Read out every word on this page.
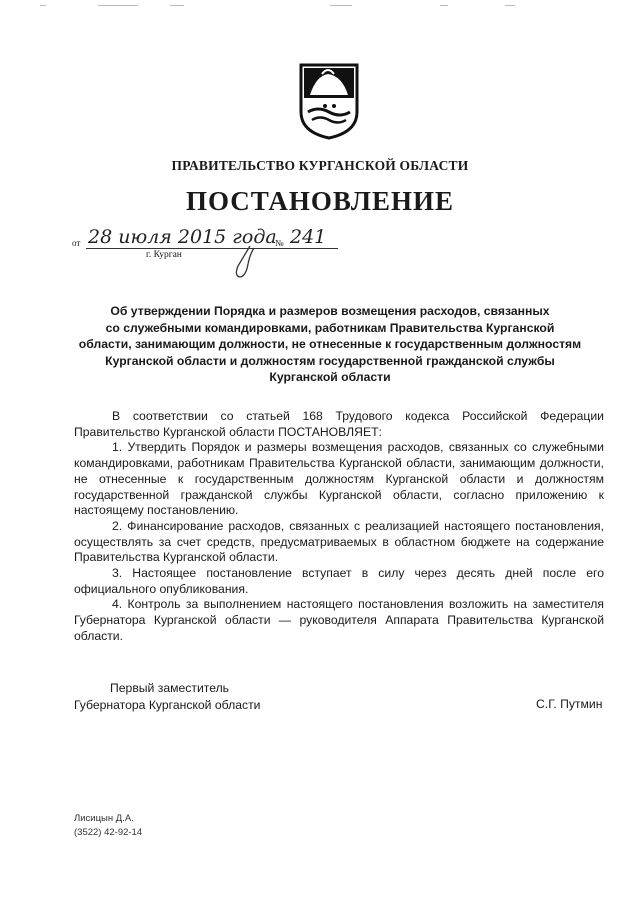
ПРАВИТЕЛЬСТВО КУРГАНСКОЙ ОБЛАСТИ
ПОСТАНОВЛЕНИЕ
от 28 июля 2015 года
№ 241
г. Курган
Об утверждении Порядка и размеров возмещения расходов, связанных
со служебными командировками, работникам Правительства Курганской
области, занимающим должности, не отнесенные к государственным должностям
Курганской области и должностям государственной гражданской службы
Курганской области

В соответствии со статьей 168 Трудового кодекса Российской Федерации Правительство Курганской области ПОСТАНОВЛЯЕТ:

1. Утвердить Порядок и размеры возмещения расходов, связанных со служебными командировками, работникам Правительства Курганской области, занимающим должности, не отнесенные к государственным должностям Курганской области и должностям государственной гражданской службы Курганской области, согласно приложению к настоящему постановлению.

2. Финансирование расходов, связанных с реализацией настоящего постановления, осуществлять за счет средств, предусматриваемых в областном бюджете на содержание Правительства Курганской области.

3. Настоящее постановление вступает в силу через десять дней после его официального опубликования.

4. Контроль за выполнением настоящего постановления возложить на заместителя Губернатора Курганской области — руководителя Аппарата Правительства Курганской области.

Первый заместитель
Губернатора Курганской области	С.Г. Путмин
Лисицын Д.А.
(3522) 42-92-14
